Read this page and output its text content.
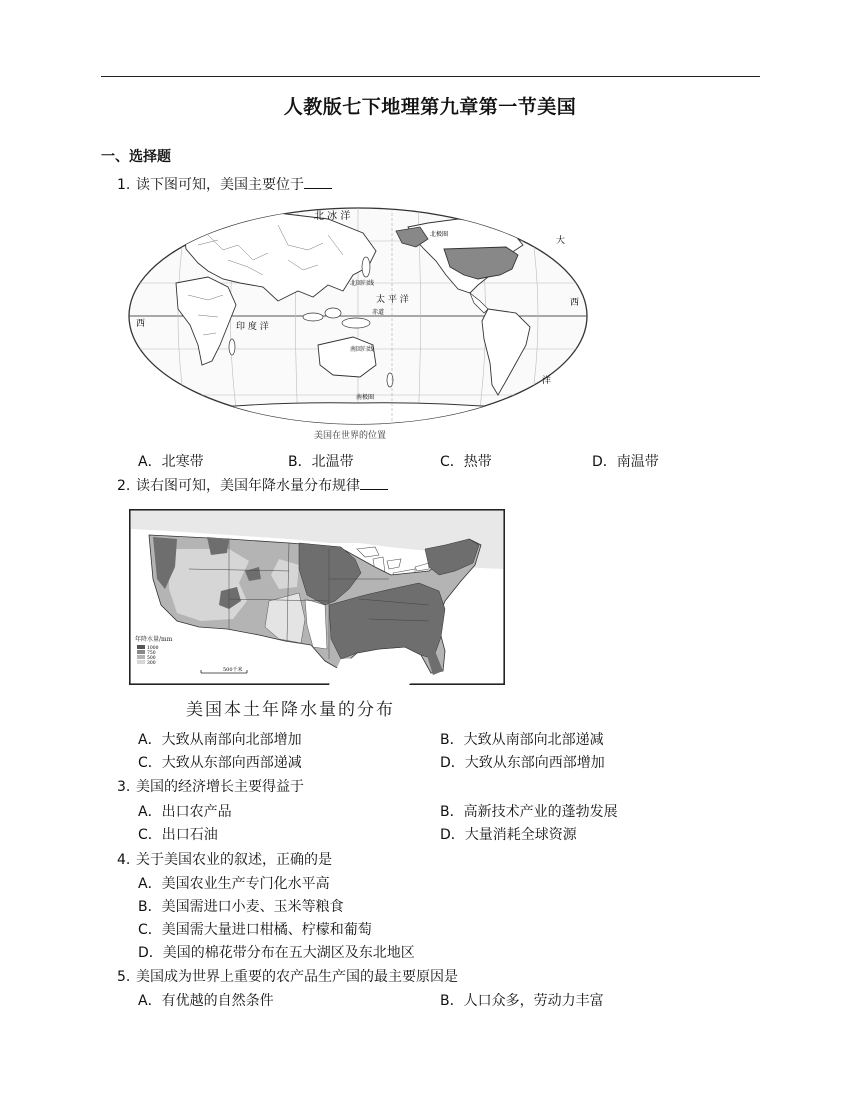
人教版七下地理第九章第一节美国
一、选择题
1. 读下图可知，美国主要位于
北 冰 洋
北极圈
北回归线
太 平 洋
赤道
南回归线
南极圈
印 度 洋
西
大
西
洋
美国在世界的位置
A．北寒带	B．北温带	C．热带	D．南温带
2. 读右图可知，美国年降水量分布规律
年降水量/mm
1000
750
500
300
500千米
美国本土年降水量的分布
A．大致从南部向北部增加	B．大致从南部向北部递减
C．大致从东部向西部递减	D．大致从东部向西部增加
3. 美国的经济增长主要得益于
A．出口农产品	B．高新技术产业的蓬勃发展
C．出口石油	D．大量消耗全球资源
4. 关于美国农业的叙述，正确的是
A．美国农业生产专门化水平高
B．美国需进口小麦、玉米等粮食
C．美国需大量进口柑橘、柠檬和葡萄
D．美国的棉花带分布在五大湖区及东北地区
5. 美国成为世界上重要的农产品生产国的最主要原因是
A．有优越的自然条件	B．人口众多，劳动力丰富
